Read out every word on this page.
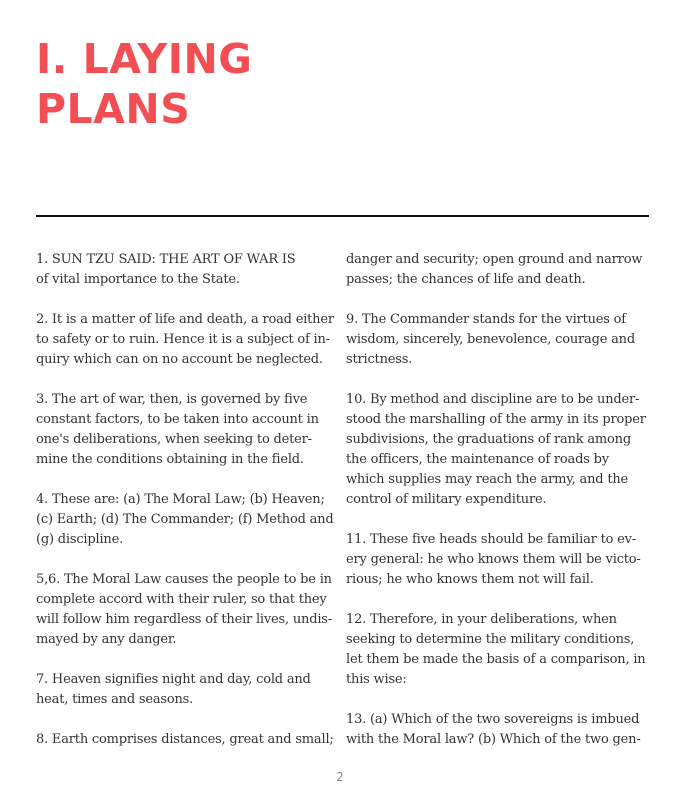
I. LAYING
PLANS

1. SUN TZU SAID: THE ART OF WAR IS
of vital importance to the State.

2. It is a matter of life and death, a road either
to safety or to ruin. Hence it is a subject of in-
quiry which can on no account be neglected.

3. The art of war, then, is governed by five
constant factors, to be taken into account in
one's deliberations, when seeking to deter-
mine the conditions obtaining in the field.

4. These are: (a) The Moral Law; (b) Heaven;
(c) Earth; (d) The Commander; (f) Method and
(g) discipline.

5,6. The Moral Law causes the people to be in
complete accord with their ruler, so that they
will follow him regardless of their lives, undis-
mayed by any danger.

7. Heaven signifies night and day, cold and
heat, times and seasons.

8. Earth comprises distances, great and small;

danger and security; open ground and narrow
passes; the chances of life and death.

9. The Commander stands for the virtues of
wisdom, sincerely, benevolence, courage and
strictness.

10. By method and discipline are to be under-
stood the marshalling of the army in its proper
subdivisions, the graduations of rank among
the officers, the maintenance of roads by
which supplies may reach the army, and the
control of military expenditure.

11. These five heads should be familiar to ev-
ery general: he who knows them will be victo-
rious; he who knows them not will fail.

12. Therefore, in your deliberations, when
seeking to determine the military conditions,
let them be made the basis of a comparison, in
this wise:

13. (a) Which of the two sovereigns is imbued
with the Moral law? (b) Which of the two gen-

2
